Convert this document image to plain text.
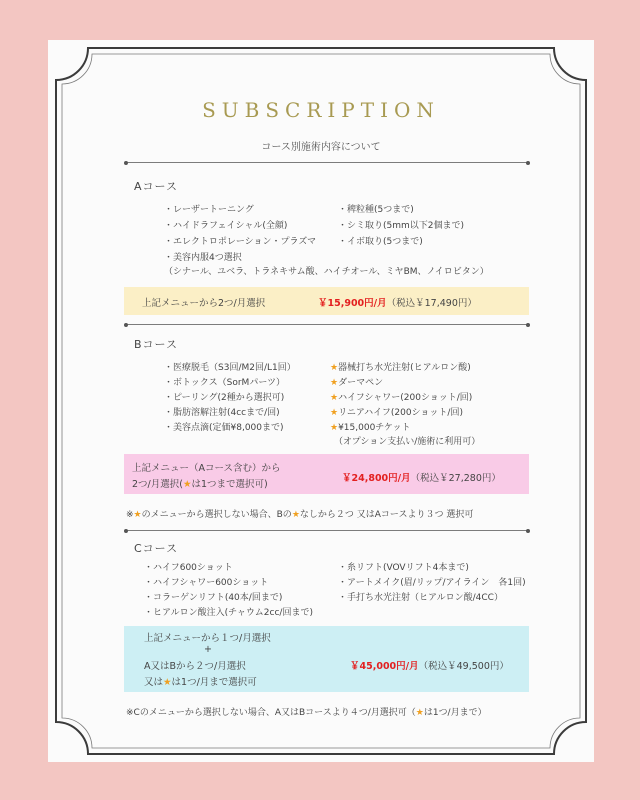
SUBSCRIPTION
コース別施術内容について
Aコース
・レーザートーニング
・ハイドラフェイシャル(全顔)
・エレクトロポレーション・プラズマ
・美容内服4つ選択
・稗粒種(5つまで)
・シミ取り(5mm以下2個まで)
・イボ取り(5つまで)
（シナール、ユベラ、トラネキサム酸、ハイチオール、ミヤBM、ノイロビタン）
上記メニューから2つ/月選択	￥15,900円/月（税込￥17,490円）
Bコース
・医療脱毛（S3回/M2回/L1回）
・ボトックス（SorMパーツ）
・ピーリング(2種から選択可)
・脂肪溶解注射(4ccまで/回)
・美容点滴(定価¥8,000まで)
★器械打ち水光注射(ヒアルロン酸)
★ダーマペン
★ハイフシャワー(200ショット/回)
★リニアハイフ(200ショット/回)
★¥15,000チケット
（オプション支払い/施術に利用可）
上記メニュー（Aコース含む）から
2つ/月選択(★は1つまで選択可)
￥24,800円/月（税込￥27,280円）
※★のメニューから選択しない場合、Bの★なしから２つ 又はAコースより３つ 選択可
Cコース
・ハイフ600ショット
・ハイフシャワー600ショット
・コラーゲンリフト(40本/回まで)
・ヒアルロン酸注入(チャウム2cc/回まで)
・糸リフト(VOVリフト4本まで)
・アートメイク(眉/リップ/アイライン　各1回)
・手打ち水光注射（ヒアルロン酸/4CC）
上記メニューから１つ/月選択
+
A又はBから２つ/月選択
又は★は1つ/月まで選択可
￥45,000円/月（税込￥49,500円）
※Cのメニューから選択しない場合、A又はBコースより４つ/月選択可（★は1つ/月まで）
